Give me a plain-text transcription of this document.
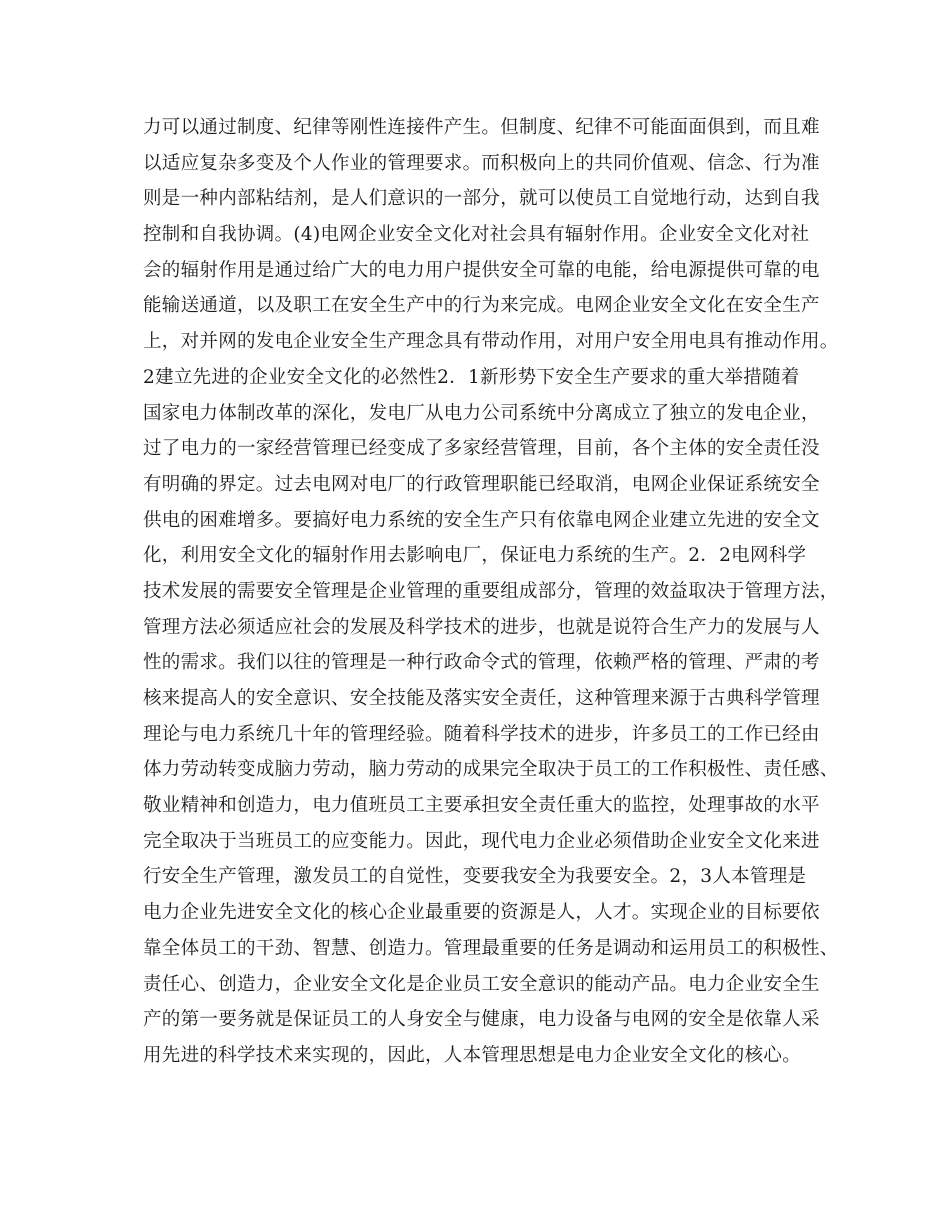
力可以通过制度、纪律等刚性连接件产生。但制度、纪律不可能面面俱到，而且难
以适应复杂多变及个人作业的管理要求。而积极向上的共同价值观、信念、行为准
则是一种内部粘结剂，是人们意识的一部分，就可以使员工自觉地行动，达到自我
控制和自我协调。(4)电网企业安全文化对社会具有辐射作用。企业安全文化对社
会的辐射作用是通过给广大的电力用户提供安全可靠的电能，给电源提供可靠的电
能输送通道，以及职工在安全生产中的行为来完成。电网企业安全文化在安全生产
上，对并网的发电企业安全生产理念具有带动作用，对用户安全用电具有推动作用。
2建立先进的企业安全文化的必然性2．1新形势下安全生产要求的重大举措随着
国家电力体制改革的深化，发电厂从电力公司系统中分离成立了独立的发电企业，
过了电力的一家经营管理已经变成了多家经营管理，目前，各个主体的安全责任没
有明确的界定。过去电网对电厂的行政管理职能已经取消，电网企业保证系统安全
供电的困难增多。要搞好电力系统的安全生产只有依靠电网企业建立先进的安全文
化，利用安全文化的辐射作用去影响电厂，保证电力系统的生产。2．2电网科学
技术发展的需要安全管理是企业管理的重要组成部分，管理的效益取决于管理方法，
管理方法必须适应社会的发展及科学技术的进步，也就是说符合生产力的发展与人
性的需求。我们以往的管理是一种行政命令式的管理，依赖严格的管理、严肃的考
核来提高人的安全意识、安全技能及落实安全责任，这种管理来源于古典科学管理
理论与电力系统几十年的管理经验。随着科学技术的进步，许多员工的工作已经由
体力劳动转变成脑力劳动，脑力劳动的成果完全取决于员工的工作积极性、责任感、
敬业精神和创造力，电力值班员工主要承担安全责任重大的监控，处理事故的水平
完全取决于当班员工的应变能力。因此，现代电力企业必须借助企业安全文化来进
行安全生产管理，激发员工的自觉性，变要我安全为我要安全。2，3人本管理是
电力企业先进安全文化的核心企业最重要的资源是人，人才。实现企业的目标要依
靠全体员工的干劲、智慧、创造力。管理最重要的任务是调动和运用员工的积极性、
责任心、创造力，企业安全文化是企业员工安全意识的能动产品。电力企业安全生
产的第一要务就是保证员工的人身安全与健康，电力设备与电网的安全是依靠人采
用先进的科学技术来实现的，因此，人本管理思想是电力企业安全文化的核心。
